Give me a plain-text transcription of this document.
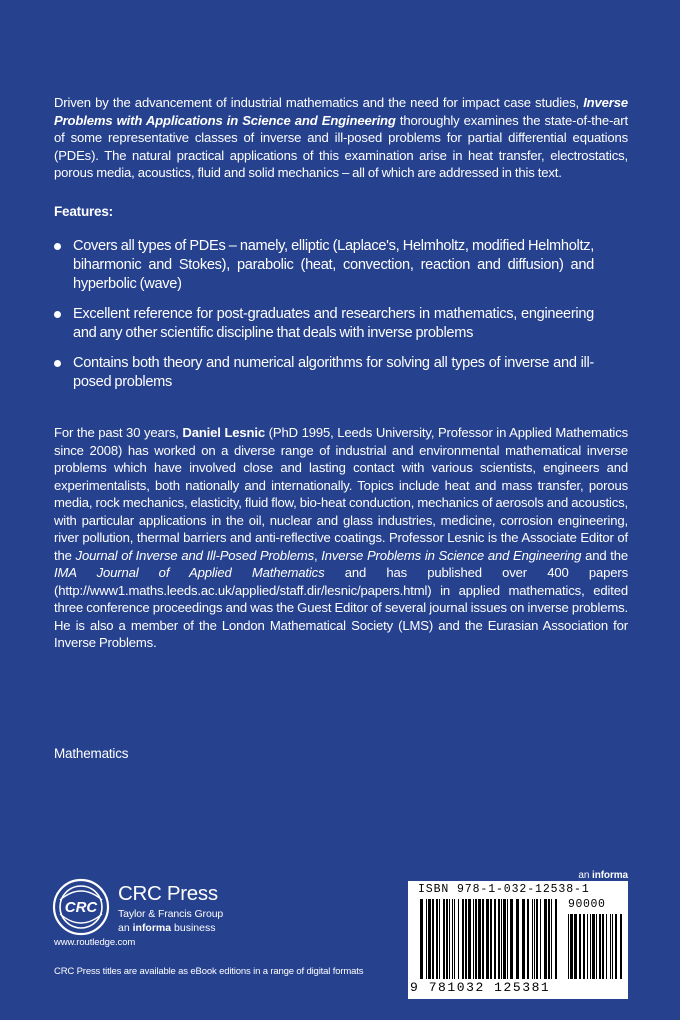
Driven by the advancement of industrial mathematics and the need for impact case studies, Inverse Problems with Applications in Science and Engineering thoroughly examines the state-of-the-art of some representative classes of inverse and ill-posed problems for partial differential equations (PDEs). The natural practical applications of this examination arise in heat transfer, electrostatics, porous media, acoustics, fluid and solid mechanics – all of which are addressed in this text.

Features:
Covers all types of PDEs – namely, elliptic (Laplace's, Helmholtz, modified Helmholtz, biharmonic and Stokes), parabolic (heat, convection, reaction and diffusion) and hyperbolic (wave)
Excellent reference for post-graduates and researchers in mathematics, engineering and any other scientific discipline that deals with inverse problems
Contains both theory and numerical algorithms for solving all types of inverse and ill-posed problems

For the past 30 years, Daniel Lesnic (PhD 1995, Leeds University, Professor in Applied Mathematics since 2008) has worked on a diverse range of industrial and environmental mathematical inverse problems which have involved close and lasting contact with various scientists, engineers and experimentalists, both nationally and internationally. Topics include heat and mass transfer, porous media, rock mechanics, elasticity, fluid flow, bio-heat conduction, mechanics of aerosols and acoustics, with particular applications in the oil, nuclear and glass industries, medicine, corrosion engineering, river pollution, thermal barriers and anti-reflective coatings. Professor Lesnic is the Associate Editor of the Journal of Inverse and Ill-Posed Problems, Inverse Problems in Science and Engineering and the IMA Journal of Applied Mathematics and has published over 400 papers (http://www1.maths.leeds.ac.uk/applied/staff.dir/lesnic/papers.html) in applied mathematics, edited three conference proceedings and was the Guest Editor of several journal issues on inverse problems. He is also a member of the London Mathematical Society (LMS) and the Eurasian Association for Inverse Problems.

Mathematics
CRC
CRC Press
Taylor & Francis Group
an informa business
www.routledge.com
CRC Press titles are available as eBook editions in a range of digital formats
an informa
ISBN 978-1-032-12538-1
90000
9 781032 125381
